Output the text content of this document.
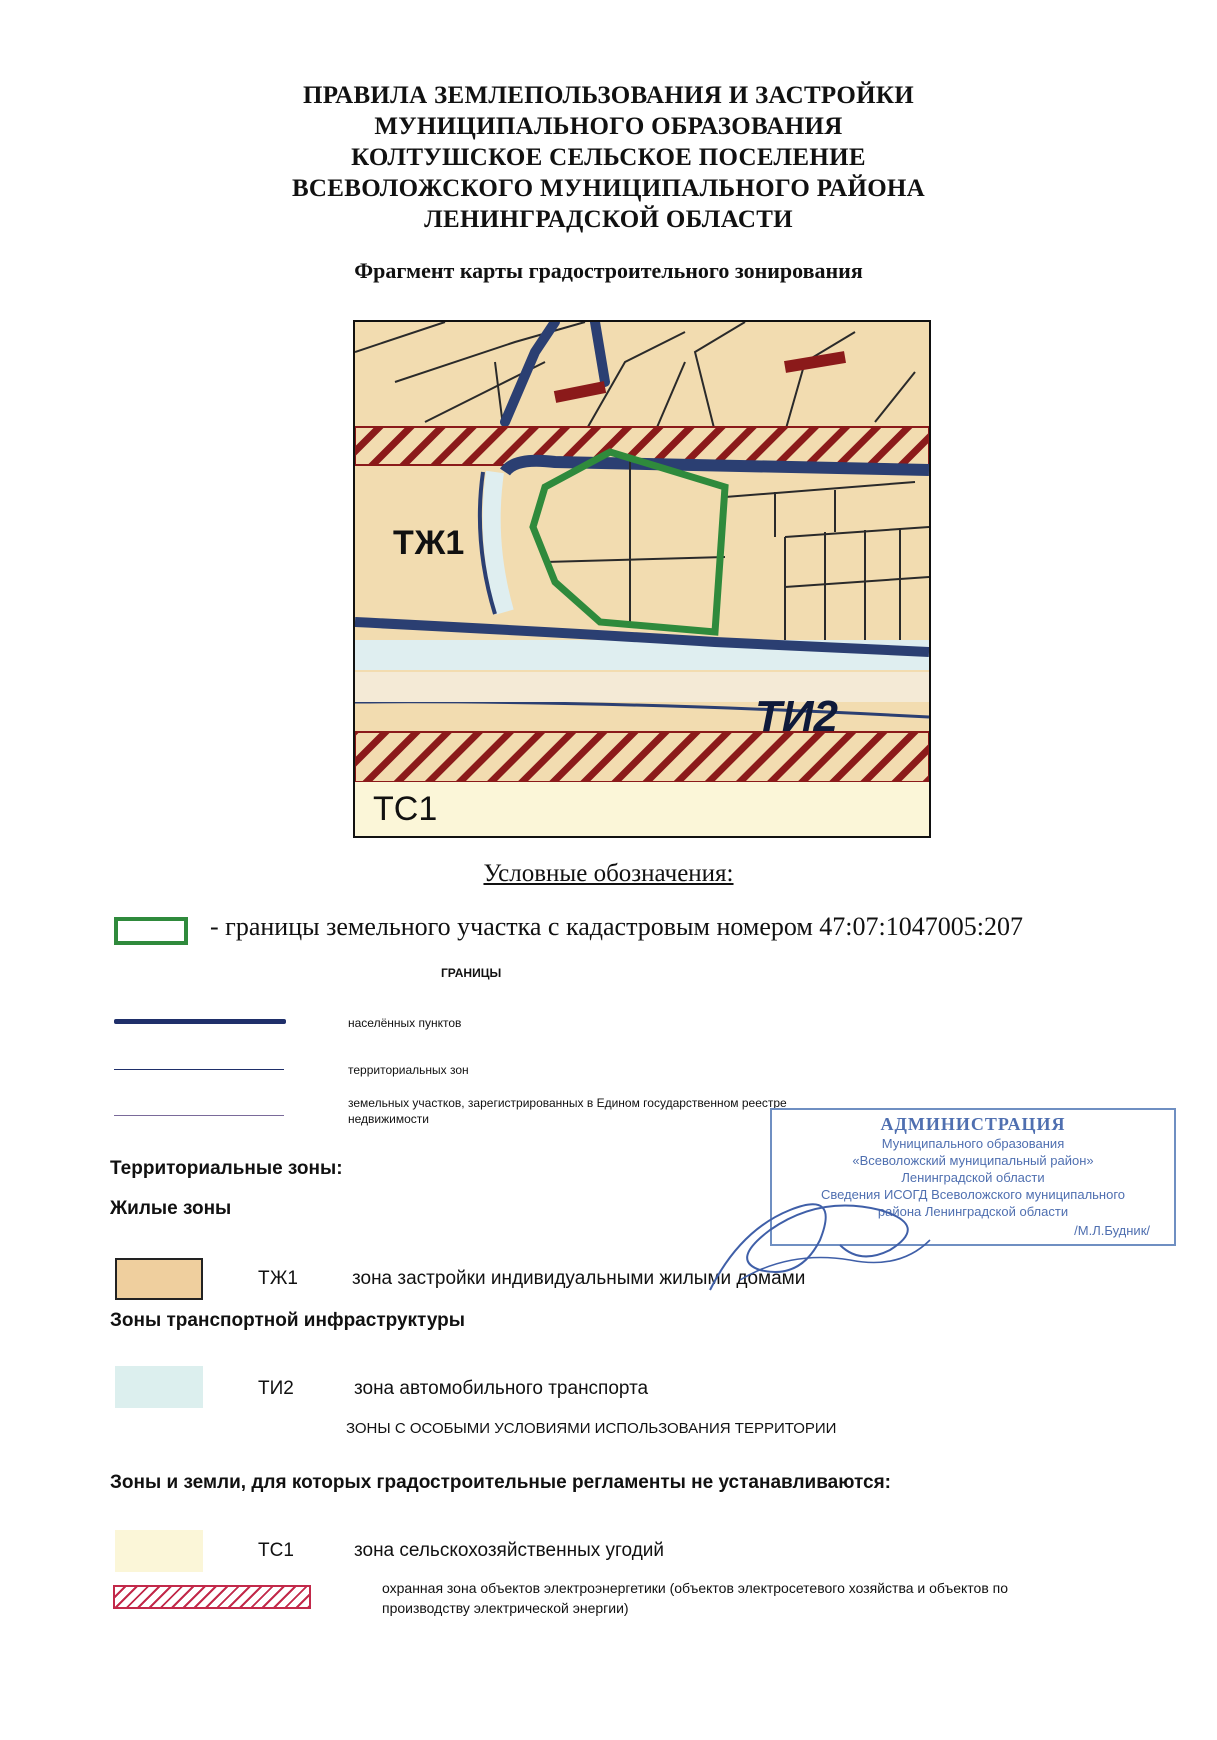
ПРАВИЛА ЗЕМЛЕПОЛЬЗОВАНИЯ И ЗАСТРОЙКИ
МУНИЦИПАЛЬНОГО ОБРАЗОВАНИЯ
КОЛТУШСКОЕ СЕЛЬСКОЕ ПОСЕЛЕНИЕ
ВСЕВОЛОЖСКОГО МУНИЦИПАЛЬНОГО РАЙОНА
ЛЕНИНГРАДСКОЙ ОБЛАСТИ
Фрагмент карты градостроительного зонирования
ТЖ1
ТИ2
ТС1
Условные обозначения:
- границы земельного участка с кадастровым номером 47:07:1047005:207
ГРАНИЦЫ
населённых пунктов
территориальных зон
земельных участков, зарегистрированных в Едином государственном реестре
недвижимости
Территориальные зоны:
Жилые зоны
ТЖ1	зона застройки индивидуальными жилыми домами
Зоны транспортной инфраструктуры
ТИ2	зона автомобильного транспорта
ЗОНЫ С ОСОБЫМИ УСЛОВИЯМИ ИСПОЛЬЗОВАНИЯ ТЕРРИТОРИИ
Зоны и земли, для которых градостроительные регламенты не устанавливаются:
ТС1	зона сельскохозяйственных угодий
охранная зона объектов электроэнергетики (объектов электросетевого хозяйства и объектов по
производству электрической энергии)
АДМИНИСТРАЦИЯ
Муниципального образования
«Всеволожский муниципальный район»
Ленинградской области
Сведения ИСОГД Всеволожского муниципального
района Ленинградской области
/М.Л.Будник/
